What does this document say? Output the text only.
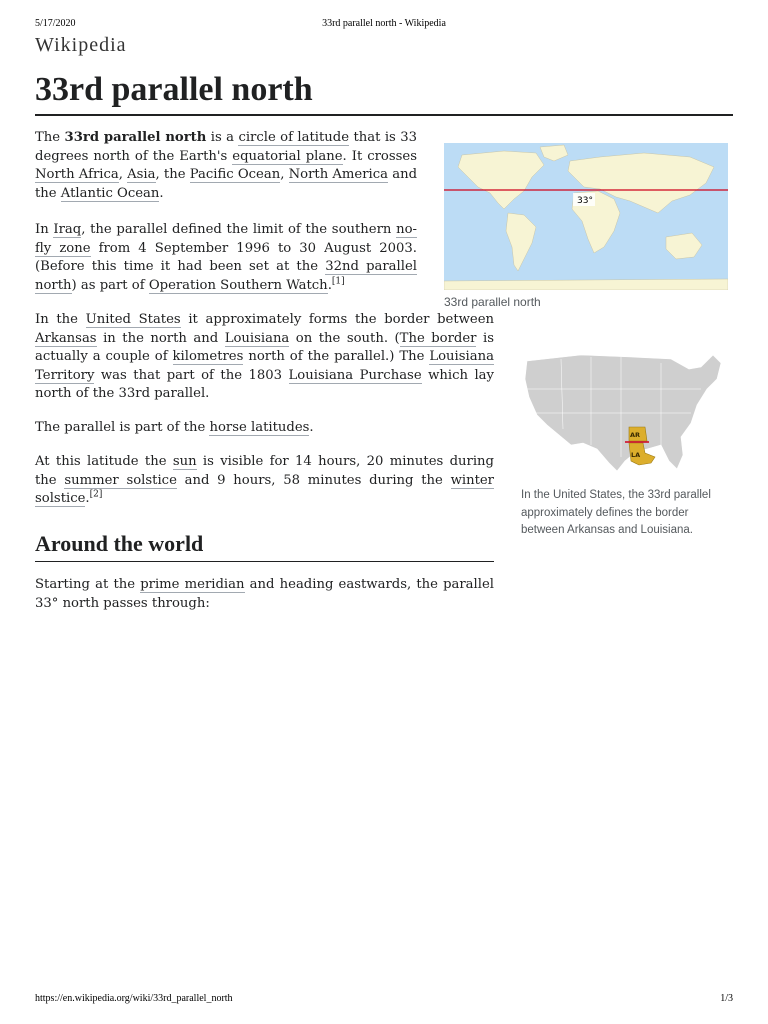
5/17/2020	33rd parallel north - Wikipedia
Wikipedia
33rd parallel north

The 33rd parallel north is a circle of latitude that is 33 degrees north of the Earth's equatorial plane. It crosses North Africa, Asia, the Pacific Ocean, North America and the Atlantic Ocean.

In Iraq, the parallel defined the limit of the southern no-fly zone from 4 September 1996 to 30 August 2003. (Before this time it had been set at the 32nd parallel north) as part of Operation Southern Watch.[1]

In the United States it approximately forms the border between Arkansas in the north and Louisiana on the south. (The border is actually a couple of kilometres north of the parallel.) The Louisiana Territory was that part of the 1803 Louisiana Purchase which lay north of the 33rd parallel.

The parallel is part of the horse latitudes.

At this latitude the sun is visible for 14 hours, 20 minutes during the summer solstice and 9 hours, 58 minutes during the winter solstice.[2]

33°
33rd parallel north
AR
LA

In the United States, the 33rd parallel approximately defines the border between Arkansas and Louisiana.

Around the world

Starting at the prime meridian and heading eastwards, the parallel 33° north passes through:

https://en.wikipedia.org/wiki/33rd_parallel_north	1/3
